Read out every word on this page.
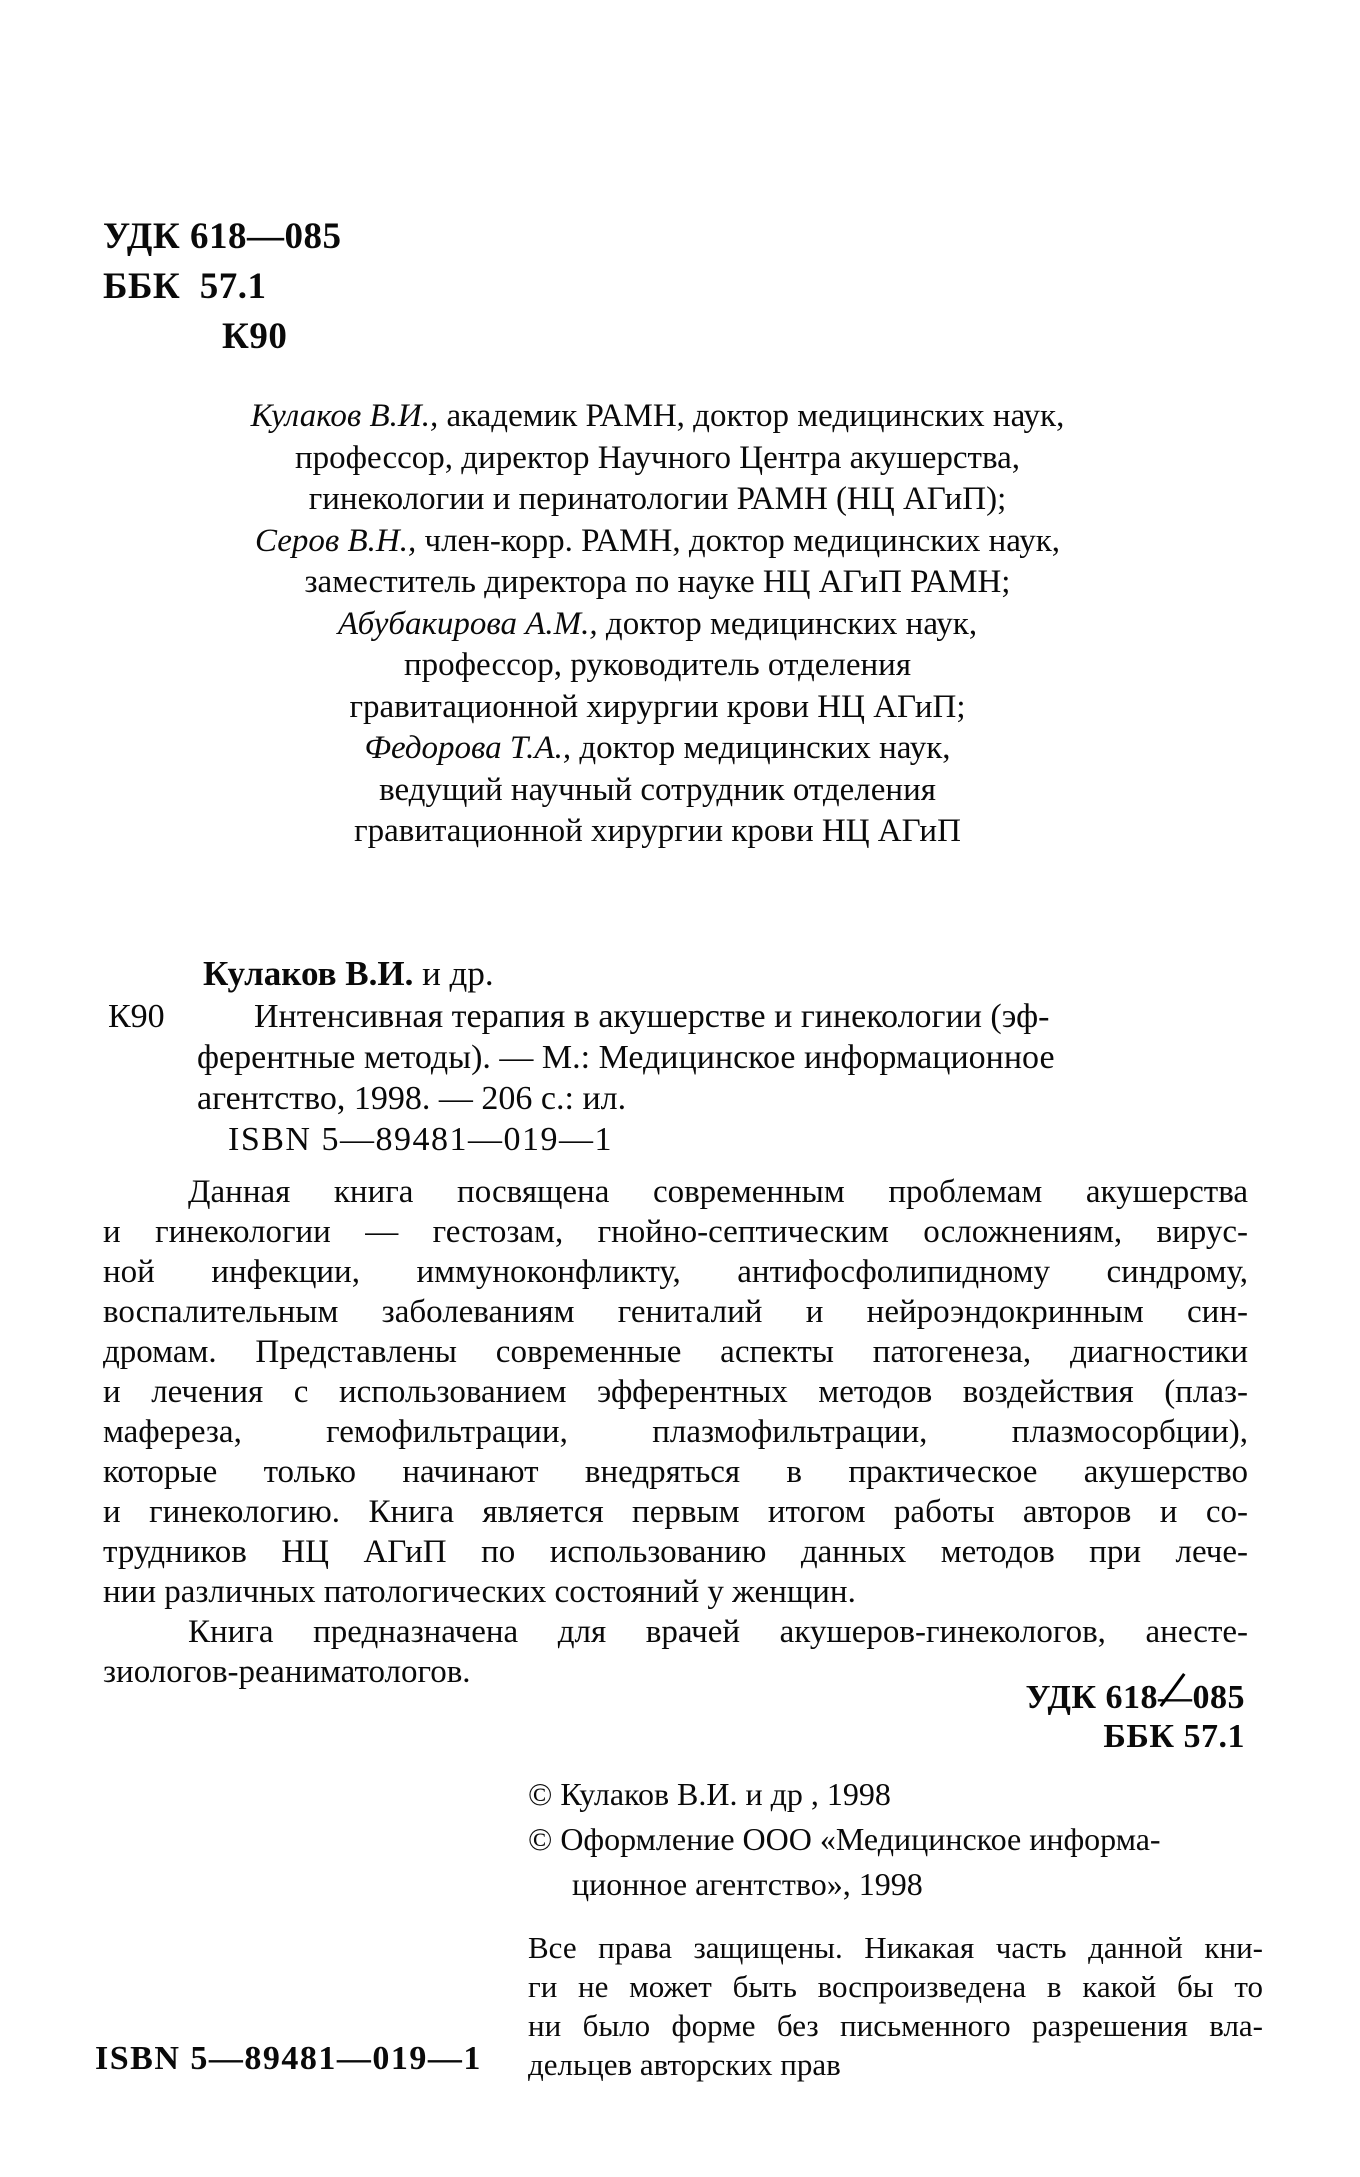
УДК 618—085
ББК  57.1
К90
Кулаков В.И., академик РАМН, доктор медицинских наук,
профессор, директор Научного Центра акушерства,
гинекологии и перинатологии РАМН (НЦ АГиП);
Серов В.Н., член-корр. РАМН, доктор медицинских наук,
заместитель директора по науке НЦ АГиП РАМН;
Абубакирова А.М., доктор медицинских наук,
профессор, руководитель отделения
гравитационной хирургии крови НЦ АГиП;
Федорова Т.А., доктор медицинских наук,
ведущий научный сотрудник отделения
гравитационной хирургии крови НЦ АГиП
Кулаков В.И. и др.
К90	Интенсивная терапия в акушерстве и гинекологии (эф-
ферентные методы). — М.: Медицинское информационное
агентство, 1998. — 206 с.: ил.
ISBN 5—89481—019—1
Данная книга посвящена современным проблемам акушерства
и гинекологии — гестозам, гнойно-септическим осложнениям, вирус-
ной инфекции, иммуноконфликту, антифосфолипидному синдрому,
воспалительным заболеваниям гениталий и нейроэндокринным син-
дромам. Представлены современные аспекты патогенеза, диагностики
и лечения с использованием эфферентных методов воздействия (плаз-
мафереза, гемофильтрации, плазмофильтрации, плазмосорбции),
которые только начинают внедряться в практическое акушерство
и гинекологию. Книга является первым итогом работы авторов и со-
трудников НЦ АГиП по использованию данных методов при лече-
нии различных патологических состояний у женщин.
Книга предназначена для врачей акушеров-гинекологов, анесте-
зиологов-реаниматологов.
УДК 618—085
ББК 57.1
© Кулаков В.И. и др , 1998
© Оформление ООО «Медицинское информа-
ционное агентство», 1998
Все права защищены. Никакая часть данной кни-
ги не может быть воспроизведена в какой бы то
ни было форме без письменного разрешения вла-
дельцев авторских прав
ISBN 5—89481—019—1
